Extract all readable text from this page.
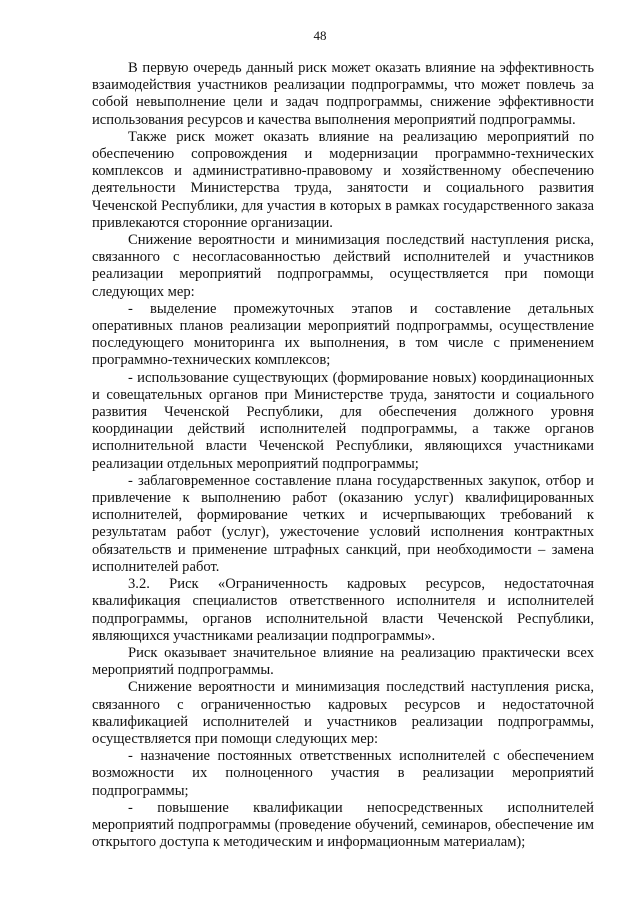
48

В первую очередь данный риск может оказать влияние на эффективность взаимодействия участников реализации подпрограммы, что может повлечь за собой невыполнение цели и задач подпрограммы, снижение эффективности использования ресурсов и качества выполнения мероприятий подпрограммы.

Также риск может оказать влияние на реализацию мероприятий по обеспечению сопровождения и модернизации программно-технических комплексов и административно-правовому и хозяйственному обеспечению деятельности Министерства труда, занятости и социального развития Чеченской Республики, для участия в которых в рамках государственного заказа привлекаются сторонние организации.

Снижение вероятности и минимизация последствий наступления риска, связанного с несогласованностью действий исполнителей и участников реализации мероприятий подпрограммы, осуществляется при помощи следующих мер:

- выделение промежуточных этапов и составление детальных оперативных планов реализации мероприятий подпрограммы, осуществление последующего мониторинга их выполнения, в том числе с применением программно-технических комплексов;

- использование существующих (формирование новых) координационных и совещательных органов при Министерстве труда, занятости и социального развития Чеченской Республики, для обеспечения должного уровня координации действий исполнителей подпрограммы, а также органов исполнительной власти Чеченской Республики, являющихся участниками реализации отдельных мероприятий подпрограммы;

- заблаговременное составление плана государственных закупок, отбор и привлечение к выполнению работ (оказанию услуг) квалифицированных исполнителей, формирование четких и исчерпывающих требований к результатам работ (услуг), ужесточение условий исполнения контрактных обязательств и применение штрафных санкций, при необходимости – замена исполнителей работ.

3.2. Риск «Ограниченность кадровых ресурсов, недостаточная квалификация специалистов ответственного исполнителя и исполнителей подпрограммы, органов исполнительной власти Чеченской Республики, являющихся участниками реализации подпрограммы».

Риск оказывает значительное влияние на реализацию практически всех мероприятий подпрограммы.

Снижение вероятности и минимизация последствий наступления риска, связанного с ограниченностью кадровых ресурсов и недостаточной квалификацией исполнителей и участников реализации подпрограммы, осуществляется при помощи следующих мер:

- назначение постоянных ответственных исполнителей с обеспечением возможности их полноценного участия в реализации мероприятий подпрограммы;

- повышение квалификации непосредственных исполнителей мероприятий подпрограммы (проведение обучений, семинаров, обеспечение им открытого доступа к методическим и информационным материалам);
